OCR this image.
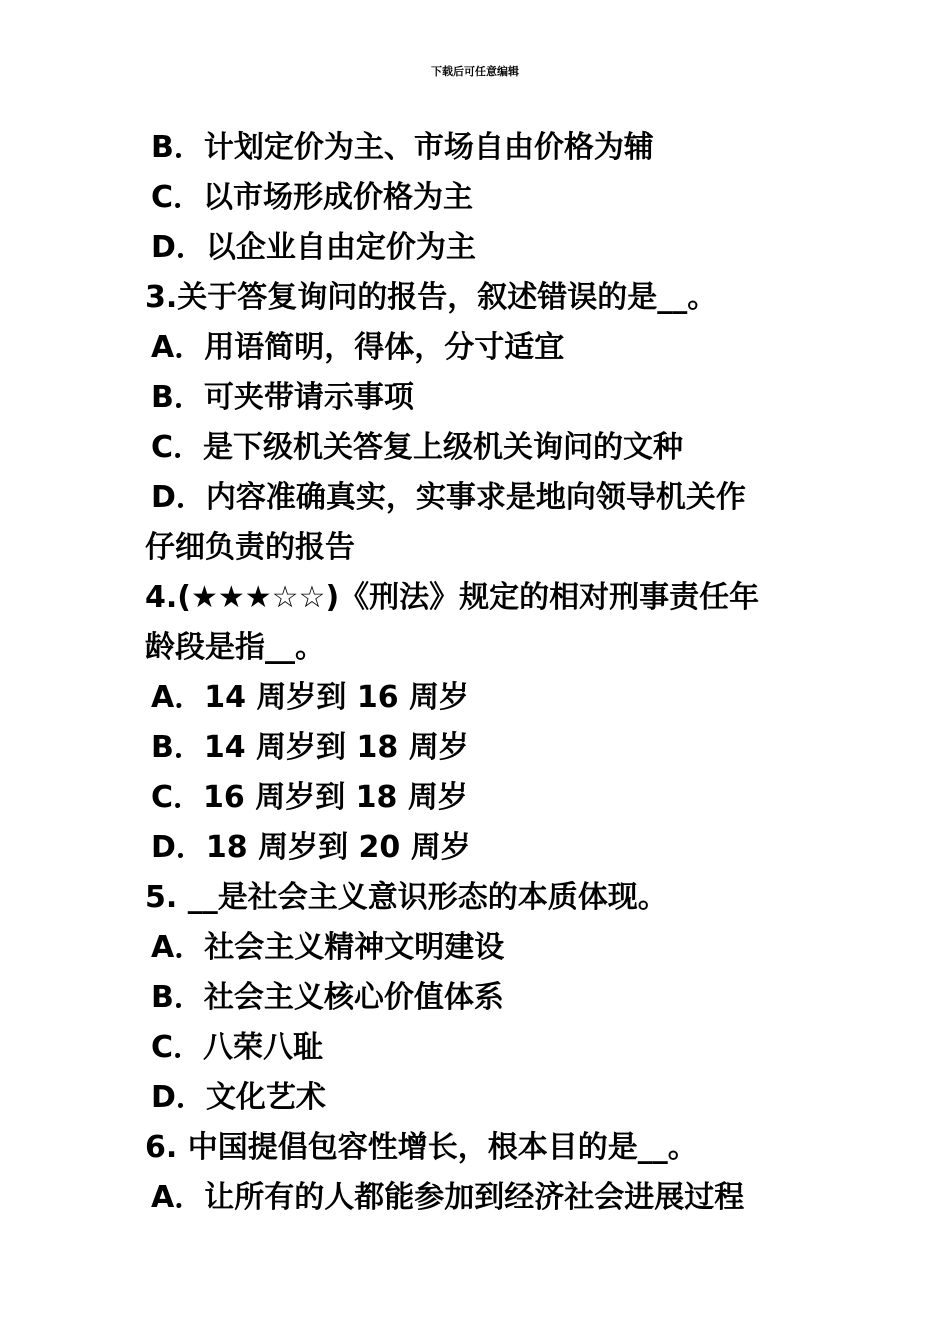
下载后可任意编辑
B．计划定价为主、市场自由价格为辅
C．以市场形成价格为主
D．以企业自由定价为主
3.关于答复询问的报告，叙述错误的是__。
A．用语简明，得体，分寸适宜
B．可夹带请示事项
C．是下级机关答复上级机关询问的文种
D．内容准确真实，实事求是地向领导机关作
仔细负责的报告
4.(★★★☆☆)《刑法》规定的相对刑事责任年
龄段是指__。
A．14 周岁到 16 周岁
B．14 周岁到 18 周岁
C．16 周岁到 18 周岁
D．18 周岁到 20 周岁
5. __是社会主义意识形态的本质体现。
A．社会主义精神文明建设
B．社会主义核心价值体系
C．八荣八耻
D．文化艺术
6. 中国提倡包容性增长，根本目的是__。
A．让所有的人都能参加到经济社会进展过程
